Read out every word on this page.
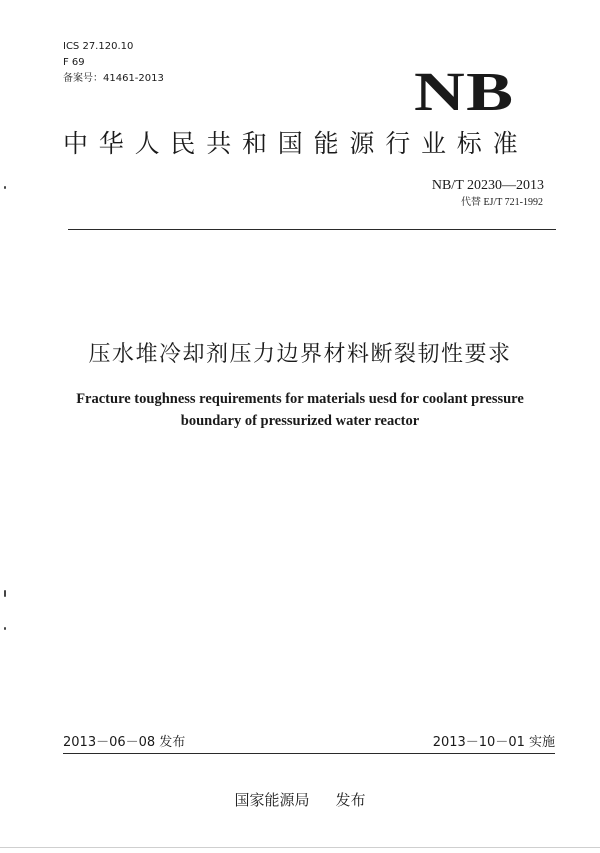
ICS 27.120.10
F 69
备案号：41461-2013	NB
中华人民共和国能源行业标准
NB/T 20230—2013
代替 EJ/T 721-1992
压水堆冷却剂压力边界材料断裂韧性要求
Fracture toughness requirements for materials uesd for coolant pressure
boundary of pressurized water reactor
2013－06－08 发布	2013－10－01 实施
国家能源局 发布
